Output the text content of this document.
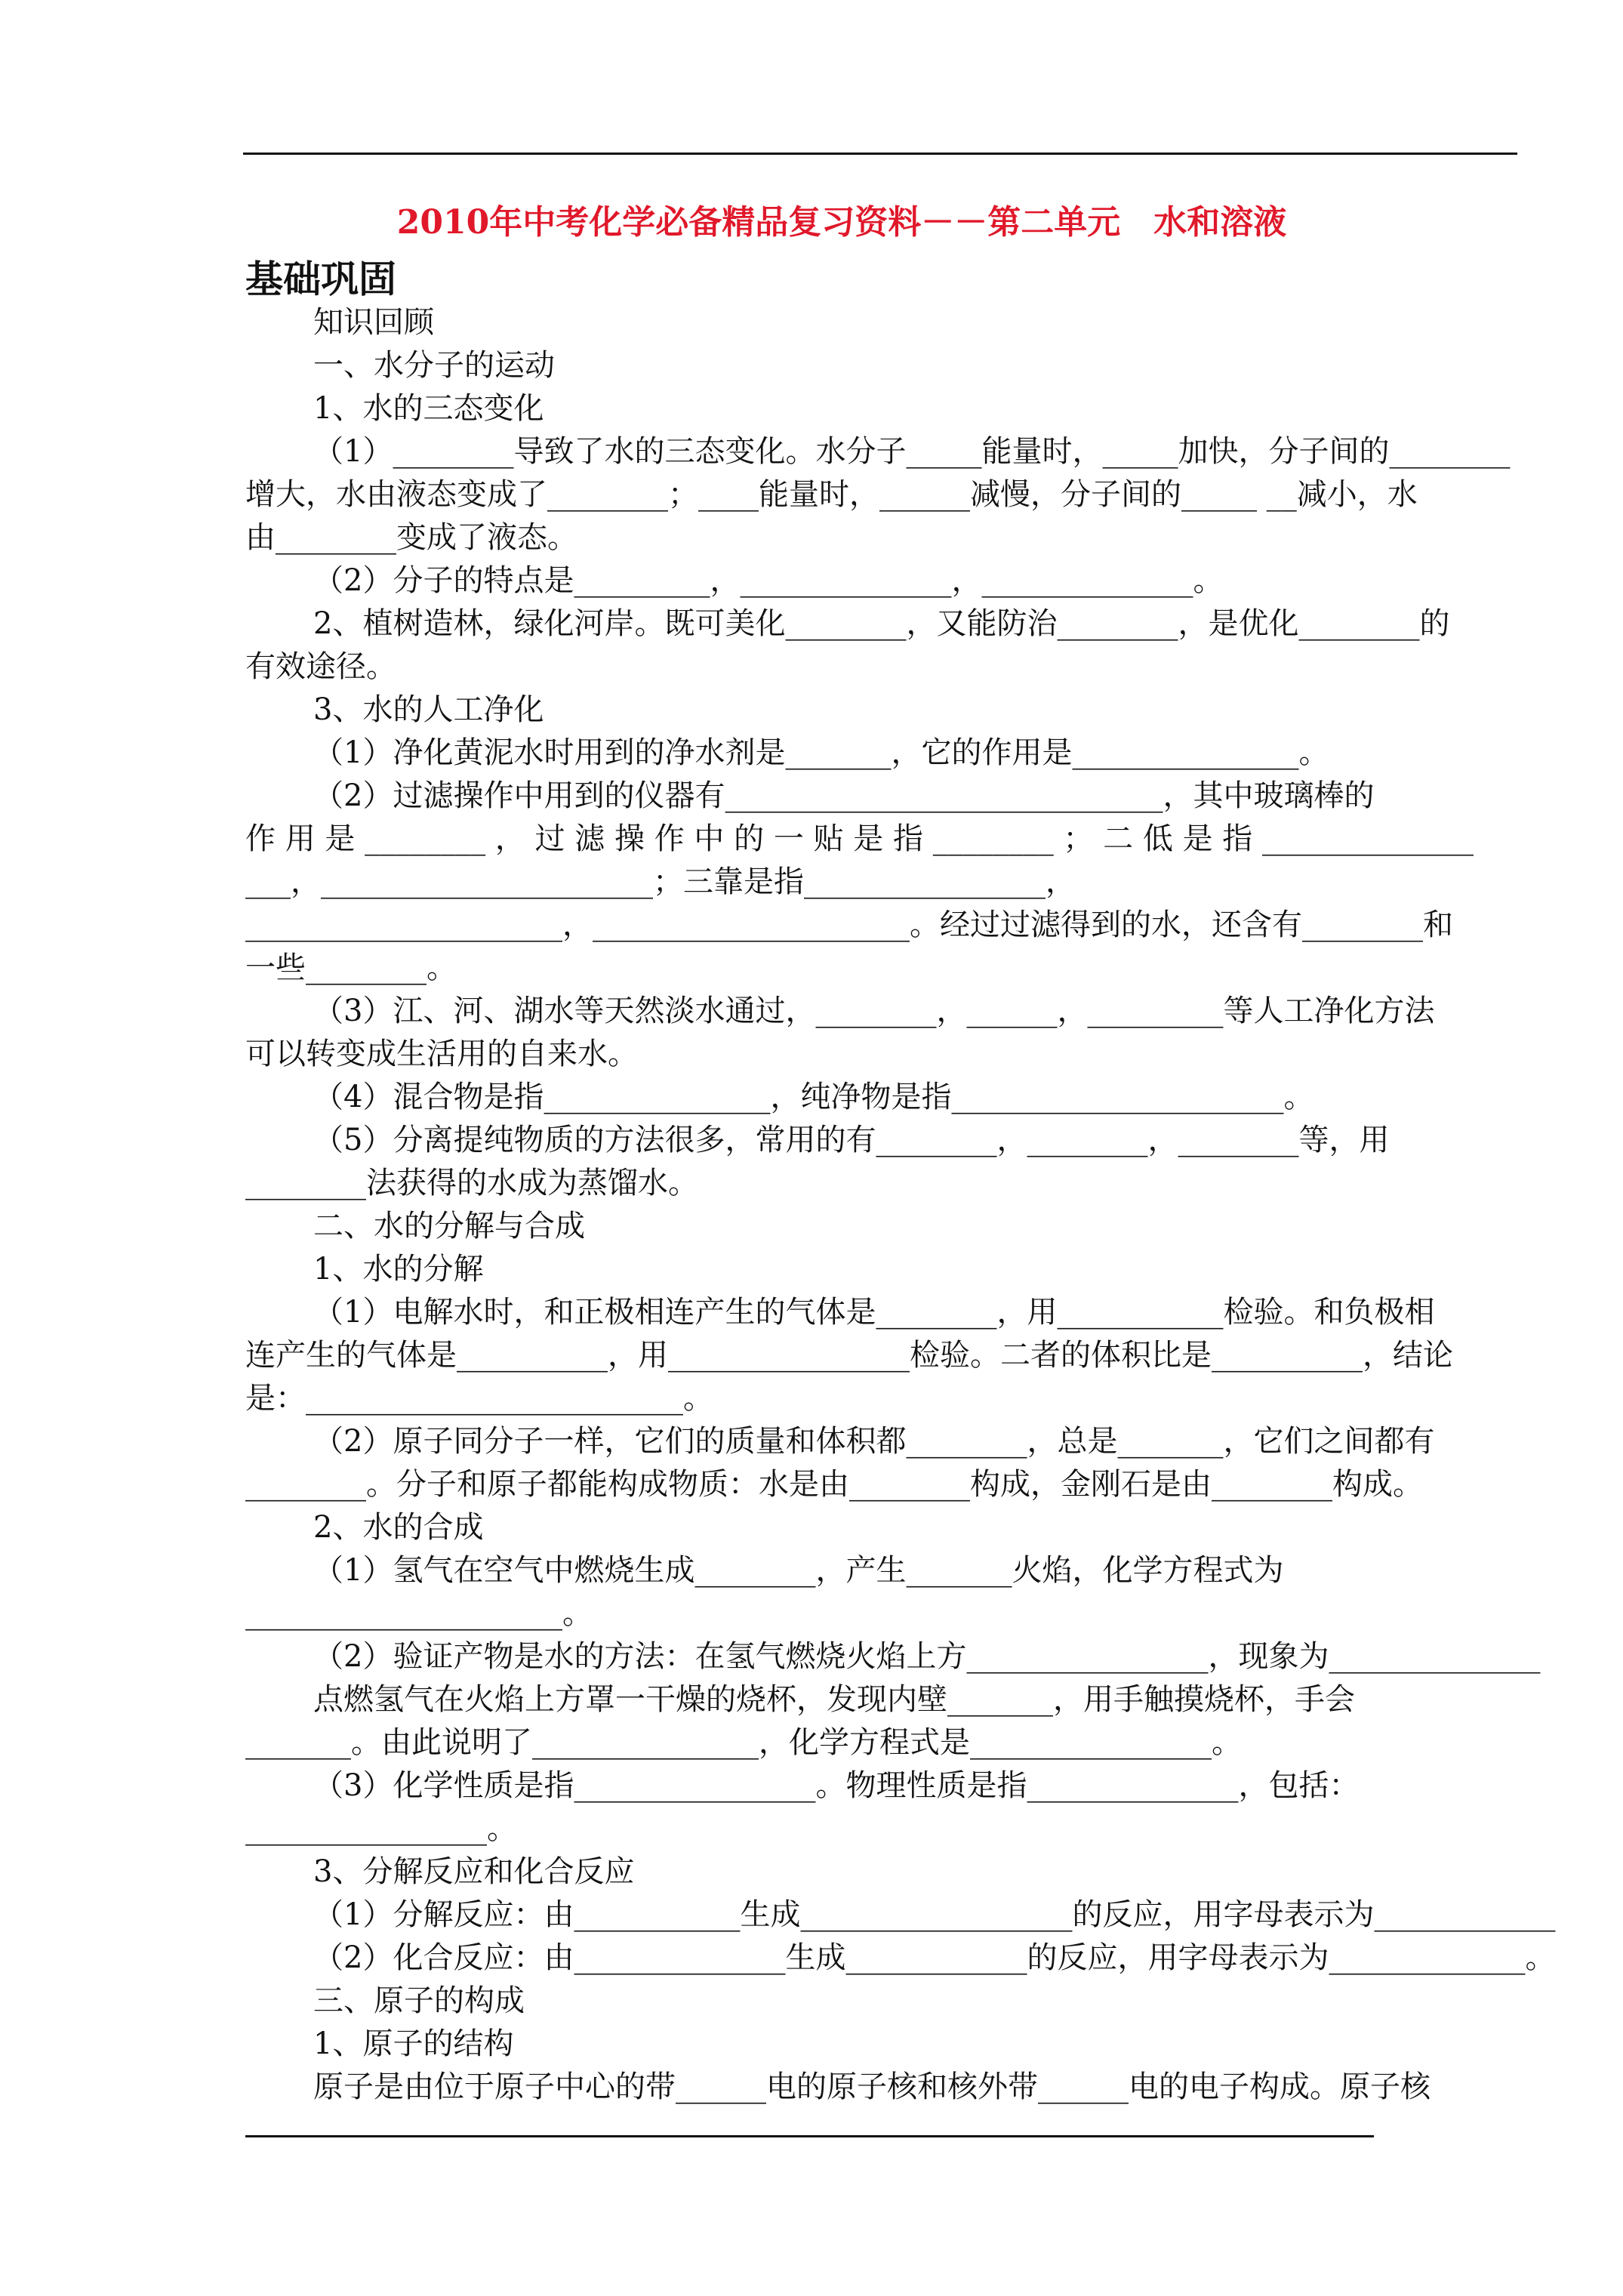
2010年中考化学必备精品复习资料－－第二单元　水和溶液
基础巩固
知识回顾
一、水分子的运动
1、水的三态变化
（1）________导致了水的三态变化。水分子_____能量时，_____加快，分子间的________
增大，水由液态变成了________；____能量时，______减慢，分子间的_____ __减小，水
由________变成了液态。
（2）分子的特点是_________，______________，______________。
2、植树造林，绿化河岸。既可美化________，又能防治________，是优化________的
有效途径。
3、水的人工净化
（1）净化黄泥水时用到的净水剂是_______，它的作用是_______________。
（2）过滤操作中用到的仪器有_____________________________，其中玻璃棒的
作 用 是 ________ ， 过 滤 操 作 中 的 一 贴 是 指 ________ ； 二 低 是 指 ______________
___，______________________；三靠是指________________，
_____________________，_____________________。经过过滤得到的水，还含有________和
一些________。
（3）江、河、湖水等天然淡水通过，________，______，_________等人工净化方法
可以转变成生活用的自来水。
（4）混合物是指_______________，纯净物是指______________________。
（5）分离提纯物质的方法很多，常用的有________，________，________等，用
________法获得的水成为蒸馏水。
二、水的分解与合成
1、水的分解
（1）电解水时，和正极相连产生的气体是________，用___________检验。和负极相
连产生的气体是__________，用________________检验。二者的体积比是__________，结论
是：_________________________。
（2）原子同分子一样，它们的质量和体积都________，总是_______，它们之间都有
________。分子和原子都能构成物质：水是由________构成，金刚石是由________构成。
2、水的合成
（1）氢气在空气中燃烧生成________，产生_______火焰，化学方程式为
_____________________。
（2）验证产物是水的方法：在氢气燃烧火焰上方________________，现象为______________
点燃氢气在火焰上方罩一干燥的烧杯，发现内壁_______，用手触摸烧杯，手会
_______。由此说明了_______________，化学方程式是________________。
（3）化学性质是指________________。物理性质是指______________，包括：
________________。
3、分解反应和化合反应
（1）分解反应：由___________生成__________________的反应，用字母表示为____________
（2）化合反应：由______________生成____________的反应，用字母表示为_____________。
三、原子的构成
1、原子的结构
原子是由位于原子中心的带______电的原子核和核外带______电的电子构成。原子核
